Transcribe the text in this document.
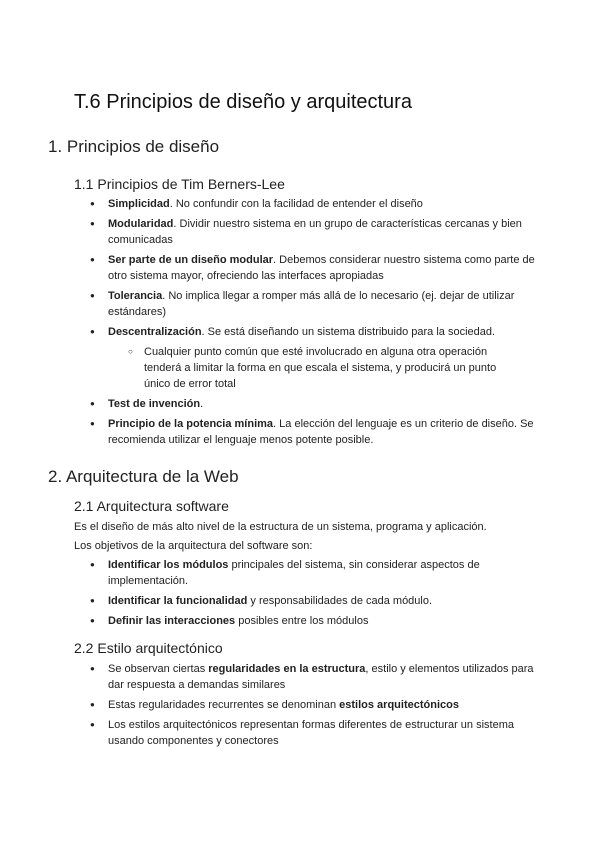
T.6 Principios de diseño y arquitectura
1. Principios de diseño
1.1 Principios de Tim Berners-Lee
● Simplicidad. No confundir con la facilidad de entender el diseño
● Modularidad. Dividir nuestro sistema en un grupo de características cercanas y bien comunicadas
● Ser parte de un diseño modular. Debemos considerar nuestro sistema como parte de otro sistema mayor, ofreciendo las interfaces apropiadas
● Tolerancia. No implica llegar a romper más allá de lo necesario (ej. dejar de utilizar estándares)
● Descentralización. Se está diseñando un sistema distribuido para la sociedad.
○ Cualquier punto común que esté involucrado en alguna otra operación tenderá a limitar la forma en que escala el sistema, y producirá un punto único de error total
● Test de invención.
● Principio de la potencia mínima. La elección del lenguaje es un criterio de diseño. Se recomienda utilizar el lenguaje menos potente posible.
2. Arquitectura de la Web
2.1 Arquitectura software

Es el diseño de más alto nivel de la estructura de un sistema, programa y aplicación.

Los objetivos de la arquitectura del software son:

● Identificar los módulos principales del sistema, sin considerar aspectos de implementación.
● Identificar la funcionalidad y responsabilidades de cada módulo.
● Definir las interacciones posibles entre los módulos
2.2 Estilo arquitectónico
● Se observan ciertas regularidades en la estructura, estilo y elementos utilizados para dar respuesta a demandas similares
● Estas regularidades recurrentes se denominan estilos arquitectónicos
● Los estilos arquitectónicos representan formas diferentes de estructurar un sistema usando componentes y conectores
